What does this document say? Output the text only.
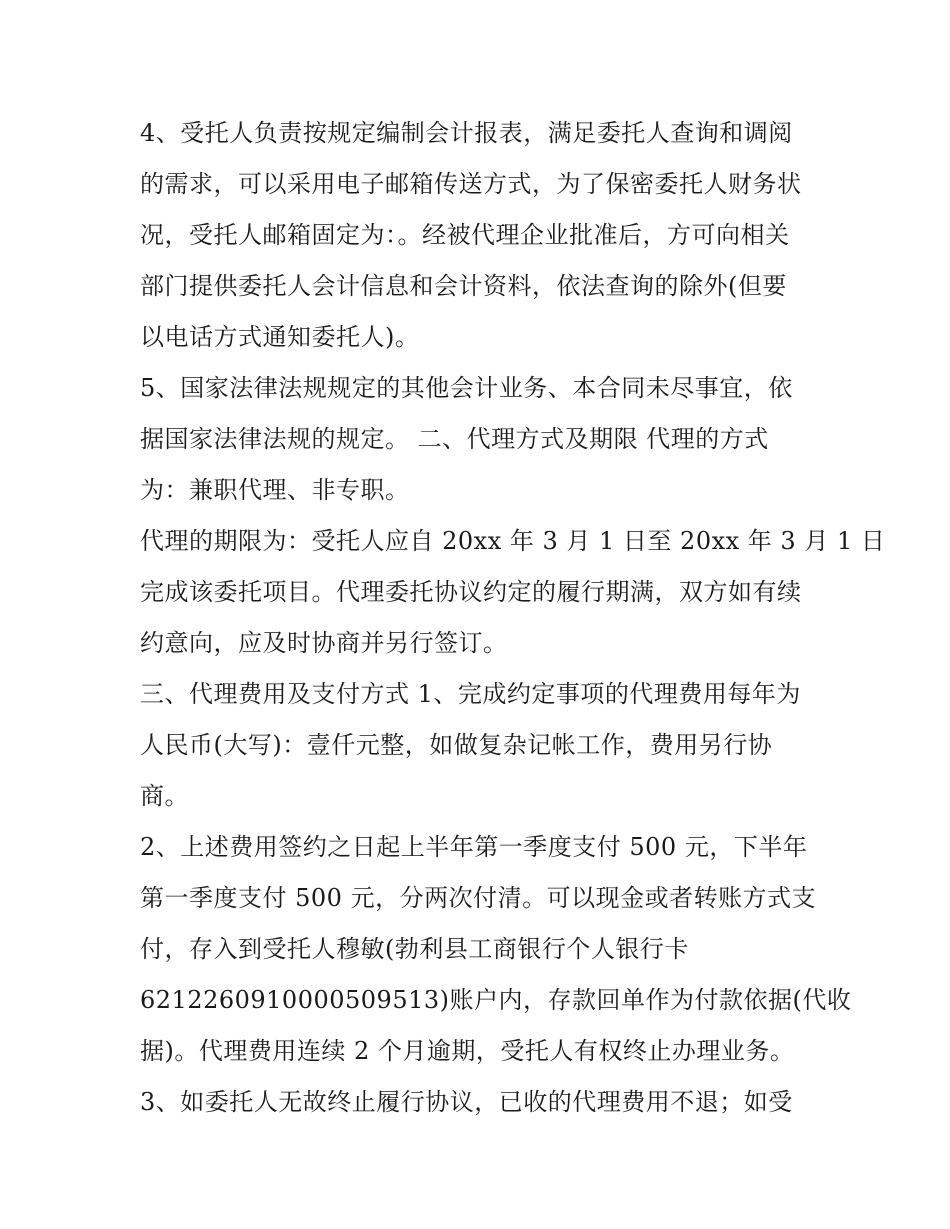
4、受托人负责按规定编制会计报表，满足委托人查询和调阅
的需求，可以采用电子邮箱传送方式，为了保密委托人财务状
况，受托人邮箱固定为：。经被代理企业批准后，方可向相关
部门提供委托人会计信息和会计资料，依法查询的除外(但要
以电话方式通知委托人)。
5、国家法律法规规定的其他会计业务、本合同未尽事宜，依
据国家法律法规的规定。 二、代理方式及期限 代理的方式
为：兼职代理、非专职。
代理的期限为：受托人应自 20xx 年 3 月 1 日至 20xx 年 3 月 1 日
完成该委托项目。代理委托协议约定的履行期满，双方如有续
约意向，应及时协商并另行签订。
三、代理费用及支付方式 1、完成约定事项的代理费用每年为
人民币(大写)：壹仟元整，如做复杂记帐工作，费用另行协
商。
2、上述费用签约之日起上半年第一季度支付 500 元，下半年
第一季度支付 500 元，分两次付清。可以现金或者转账方式支
付，存入到受托人穆敏(勃利县工商银行个人银行卡
6212260910000509513)账户内，存款回单作为付款依据(代收
据)。代理费用连续 2 个月逾期，受托人有权终止办理业务。
3、如委托人无故终止履行协议，已收的代理费用不退；如受
